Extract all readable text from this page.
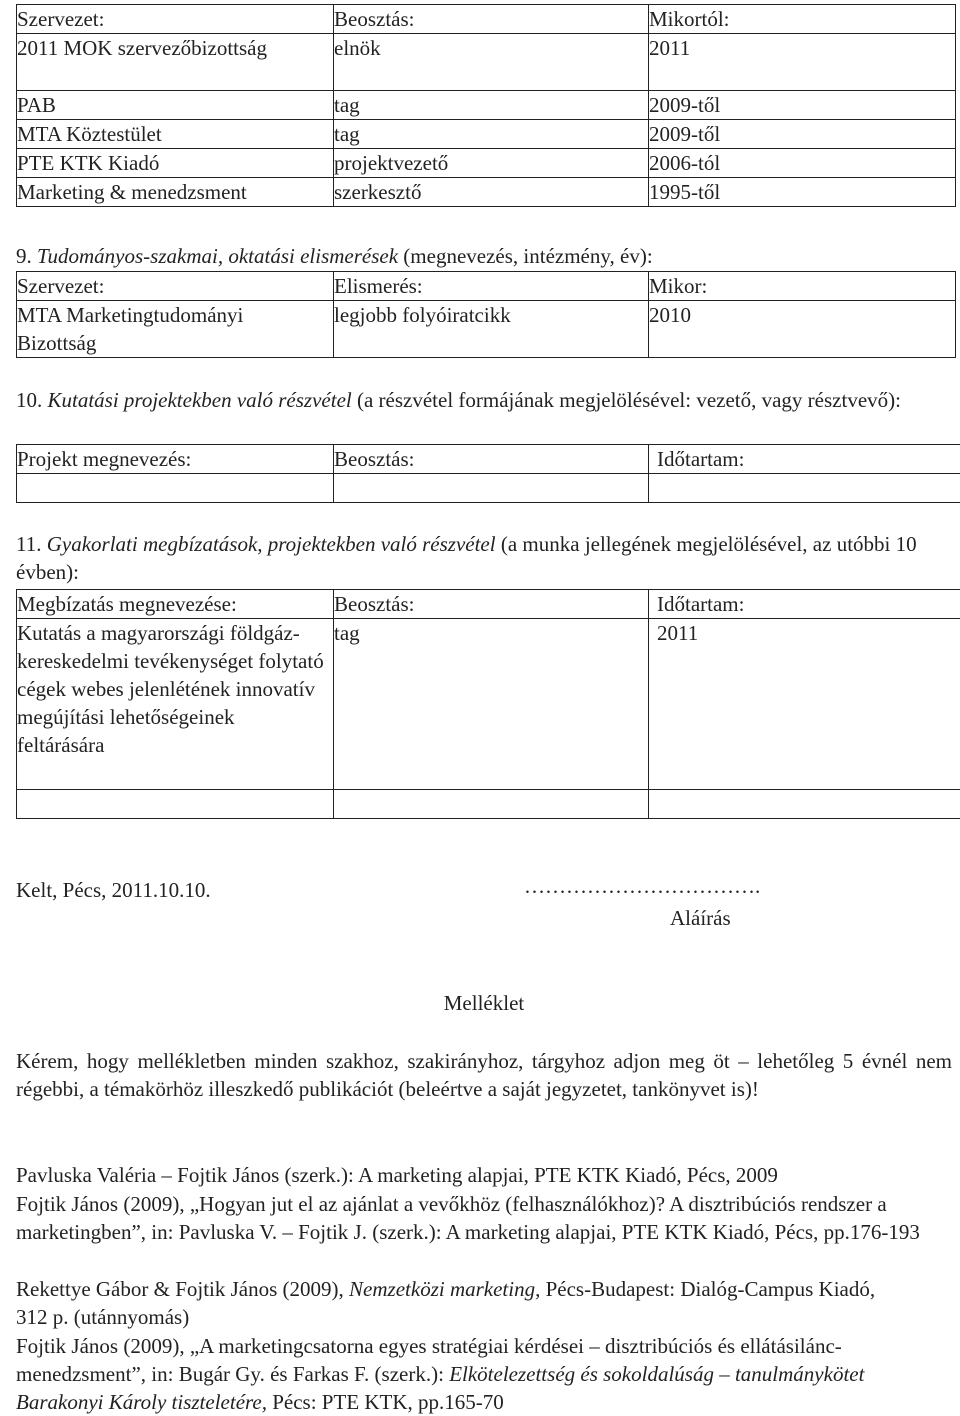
Szervezet:	Beosztás:	Mikortól:
2011 MOK szervezőbizottság	elnök	2011
PAB	tag	2009-től
MTA Köztestület	tag	2009-től
PTE KTK Kiadó	projektvezető	2006-tól
Marketing & menedzsment	szerkesztő	1995-től
9. Tudományos-szakmai, oktatási elismerések (megnevezés, intézmény, év):
Szervezet:	Elismerés:	Mikor:
MTA Marketingtudományi Bizottság	legjobb folyóiratcikk	2010
10. Kutatási projektekben való részvétel (a részvétel formájának megjelölésével: vezető, vagy résztvevő):
Projekt megnevezés:	Beosztás:	Időtartam:

11. Gyakorlati megbízatások, projektekben való részvétel (a munka jellegének megjelölésével, az utóbbi 10 évben):
Megbízatás megnevezése:	Beosztás:	Időtartam:
Kutatás a magyarországi földgáz-kereskedelmi tevékenységet folytató cégek webes jelenlétének innovatív megújítási lehetőségeinek feltárására	tag	2011

Kelt, Pécs, 2011.10.10.	…………………………….
Aláírás
Melléklet
Kérem, hogy mellékletben minden szakhoz, szakirányhoz, tárgyhoz adjon meg öt – lehetőleg 5 évnél nem régebbi, a témakörhöz illeszkedő publikációt (beleértve a saját jegyzetet, tankönyvet is)!
Pavluska Valéria – Fojtik János (szerk.): A marketing alapjai, PTE KTK Kiadó, Pécs, 2009
Fojtik János (2009), „Hogyan jut el az ajánlat a vevőkhöz (felhasználókhoz)? A disztribúciós rendszer a marketingben”, in: Pavluska V. – Fojtik J. (szerk.): A marketing alapjai, PTE KTK Kiadó, Pécs, pp.176-193
Rekettye Gábor & Fojtik János (2009), Nemzetközi marketing, Pécs-Budapest: Dialóg-Campus Kiadó, 312 p. (utánnyomás)
Fojtik János (2009), „A marketingcsatorna egyes stratégiai kérdései – disztribúciós és ellátásilánc-menedzsment”, in: Bugár Gy. és Farkas F. (szerk.): Elkötelezettség és sokoldalúság – tanulmánykötet Barakonyi Károly tiszteletére, Pécs: PTE KTK, pp.165-70
